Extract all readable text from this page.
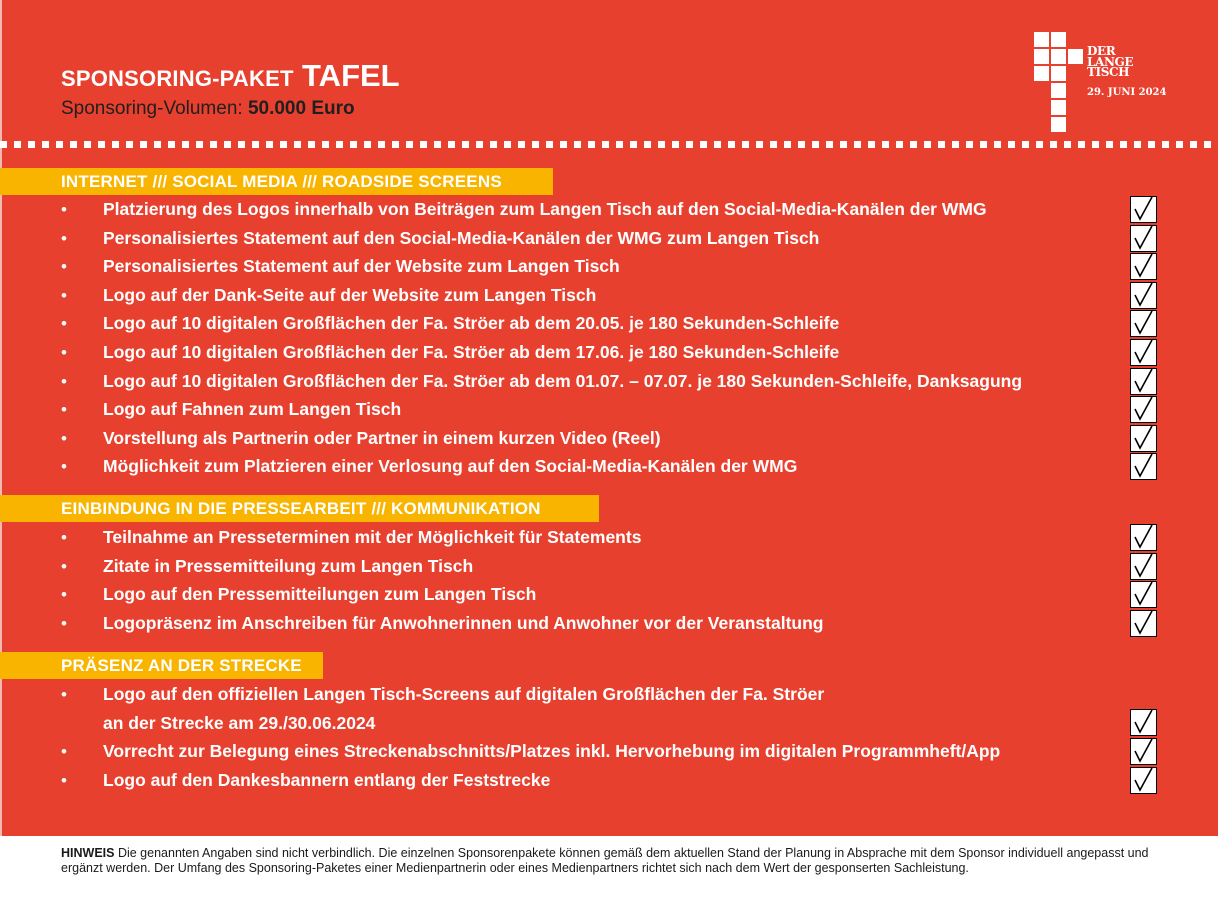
SPONSORING-PAKET TAFEL
Sponsoring-Volumen: 50.000 Euro
DER
LANGE
TISCH
29. JUNI 2024
INTERNET /// SOCIAL MEDIA /// ROADSIDE SCREENS
• Platzierung des Logos innerhalb von Beiträgen zum Langen Tisch auf den Social-Media-Kanälen der WMG
• Personalisiertes Statement auf den Social-Media-Kanälen der WMG zum Langen Tisch
• Personalisiertes Statement auf der Website zum Langen Tisch
• Logo auf der Dank-Seite auf der Website zum Langen Tisch
• Logo auf 10 digitalen Großflächen der Fa. Ströer ab dem 20.05. je 180 Sekunden-Schleife
• Logo auf 10 digitalen Großflächen der Fa. Ströer ab dem 17.06. je 180 Sekunden-Schleife
• Logo auf 10 digitalen Großflächen der Fa. Ströer ab dem 01.07. – 07.07. je 180 Sekunden-Schleife, Danksagung
• Logo auf Fahnen zum Langen Tisch
• Vorstellung als Partnerin oder Partner in einem kurzen Video (Reel)
• Möglichkeit zum Platzieren einer Verlosung auf den Social-Media-Kanälen der WMG
EINBINDUNG IN DIE PRESSEARBEIT /// KOMMUNIKATION
• Teilnahme an Presseterminen mit der Möglichkeit für Statements
• Zitate in Pressemitteilung zum Langen Tisch
• Logo auf den Pressemitteilungen zum Langen Tisch
• Logopräsenz im Anschreiben für Anwohnerinnen und Anwohner vor der Veranstaltung
PRÄSENZ AN DER STRECKE
• Logo auf den offiziellen Langen Tisch-Screens auf digitalen Großflächen der Fa. Ströer
an der Strecke am 29./30.06.2024
• Vorrecht zur Belegung eines Streckenabschnitts/Platzes inkl. Hervorhebung im digitalen Programmheft/App
• Logo auf den Dankesbannern entlang der Feststrecke
HINWEIS Die genannten Angaben sind nicht verbindlich. Die einzelnen Sponsorenpakete können gemäß dem aktuellen Stand der Planung in Absprache mit dem Sponsor individuell angepasst und ergänzt werden. Der Umfang des Sponsoring-Paketes einer Medienpartnerin oder eines Medienpartners richtet sich nach dem Wert der gesponserten Sachleistung.
